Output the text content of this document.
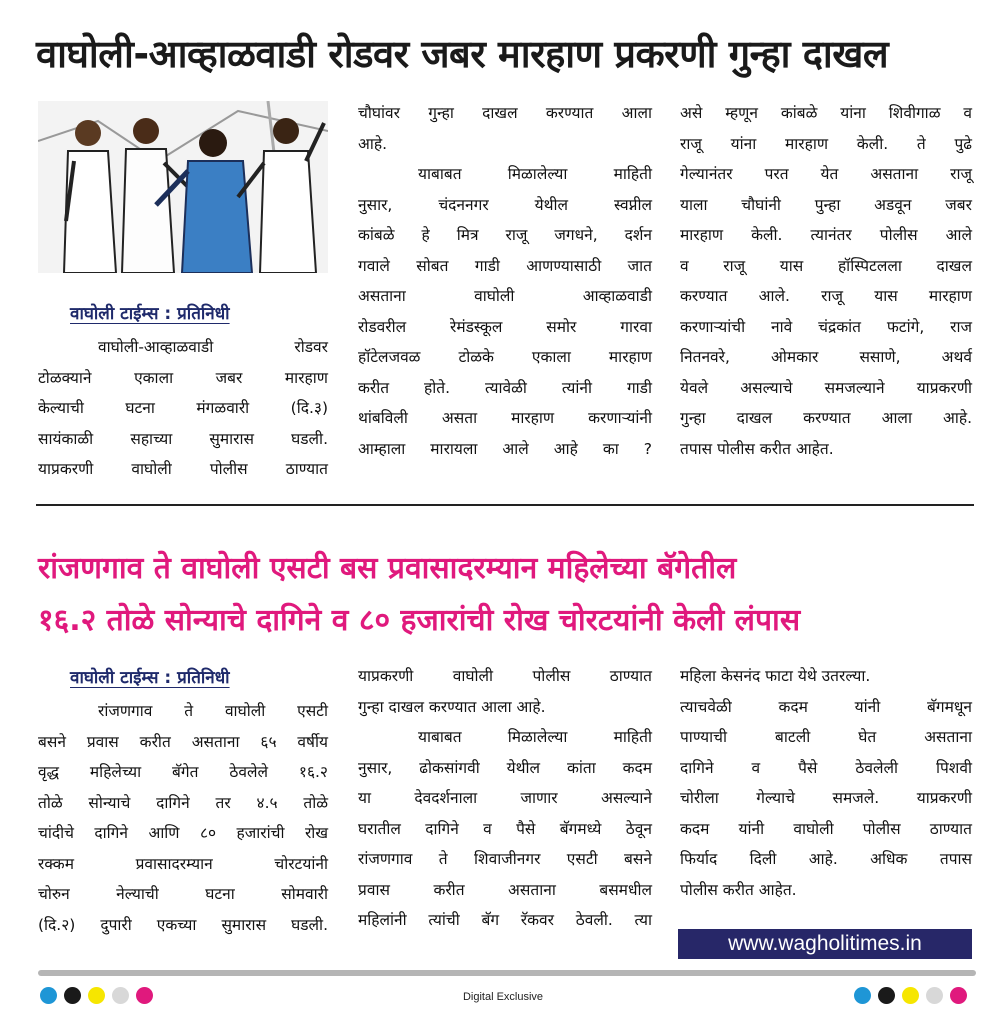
वाघोली-आव्हाळवाडी रोडवर जबर मारहाण प्रकरणी गुन्हा दाखल
वाघोली टाईम्स : प्रतिनिधी

वाघोली-आव्हाळवाडी रोडवर

टोळक्याने एकाला जबर मारहाण

केल्याची घटना मंगळवारी (दि.३)

सायंकाळी सहाच्या सुमारास घडली.

याप्रकरणी वाघोली पोलीस ठाण्यात

चौघांवर गुन्हा दाखल करण्यात आला

आहे.

याबाबत मिळालेल्या माहिती

नुसार, चंदननगर येथील स्वप्नील

कांबळे हे मित्र राजू जगधने, दर्शन

गवाले सोबत गाडी आणण्यासाठी जात

असताना वाघोली आव्हाळवाडी

रोडवरील रेमंडस्कूल समोर गारवा

हॉटेलजवळ टोळके एकाला मारहाण

करीत होते. त्यावेळी त्यांनी गाडी

थांबविली असता मारहाण करणाऱ्यांनी

आम्हाला मारायला आले आहे का ?

असे म्हणून कांबळे यांना शिवीगाळ व

राजू यांना मारहाण केली. ते पुढे

गेल्यानंतर परत येत असताना राजू

याला चौघांनी पुन्हा अडवून जबर

मारहाण केली. त्यानंतर पोलीस आले

व राजू यास हॉस्पिटलला दाखल

करण्यात आले. राजू यास मारहाण

करणाऱ्यांची नावे चंद्रकांत फटांगे, राज

नितनवरे, ओमकार ससाणे, अथर्व

येवले असल्याचे समजल्याने याप्रकरणी

गुन्हा दाखल करण्यात आला आहे.

तपास पोलीस करीत आहेत.

रांजणगाव ते वाघोली एसटी बस प्रवासादरम्यान महिलेच्या बॅगेतील
१६.२ तोळे सोन्याचे दागिने व ८० हजारांची रोख चोरटयांनी केली लंपास
वाघोली टाईम्स : प्रतिनिधी

रांजणगाव ते वाघोली एसटी

बसने प्रवास करीत असताना ६५ वर्षीय

वृद्ध महिलेच्या बॅगेत ठेवलेले १६.२

तोळे सोन्याचे दागिने तर ४.५ तोळे

चांदीचे दागिने आणि ८० हजारांची रोख

रक्कम प्रवासादरम्यान चोरटयांनी

चोरुन नेल्याची घटना सोमवारी

(दि.२) दुपारी एकच्या सुमारास घडली.

याप्रकरणी वाघोली पोलीस ठाण्यात

गुन्हा दाखल करण्यात आला आहे.

याबाबत मिळालेल्या माहिती

नुसार, ढोकसांगवी येथील कांता कदम

या देवदर्शनाला जाणार असल्याने

घरातील दागिने व पैसे बॅगमध्ये ठेवून

रांजणगाव ते शिवाजीनगर एसटी बसने

प्रवास करीत असताना बसमधील

महिलांनी त्यांची बॅग रॅकवर ठेवली. त्या

महिला केसनंद फाटा येथे उतरल्या.

त्याचवेळी कदम यांनी बॅगमधून

पाण्याची बाटली घेत असताना

दागिने व पैसे ठेवलेली पिशवी

चोरीला गेल्याचे समजले. याप्रकरणी

कदम यांनी वाघोली पोलीस ठाण्यात

फिर्याद दिली आहे. अधिक तपास

पोलीस करीत आहेत.

www.wagholitimes.in
Digital Exclusive
